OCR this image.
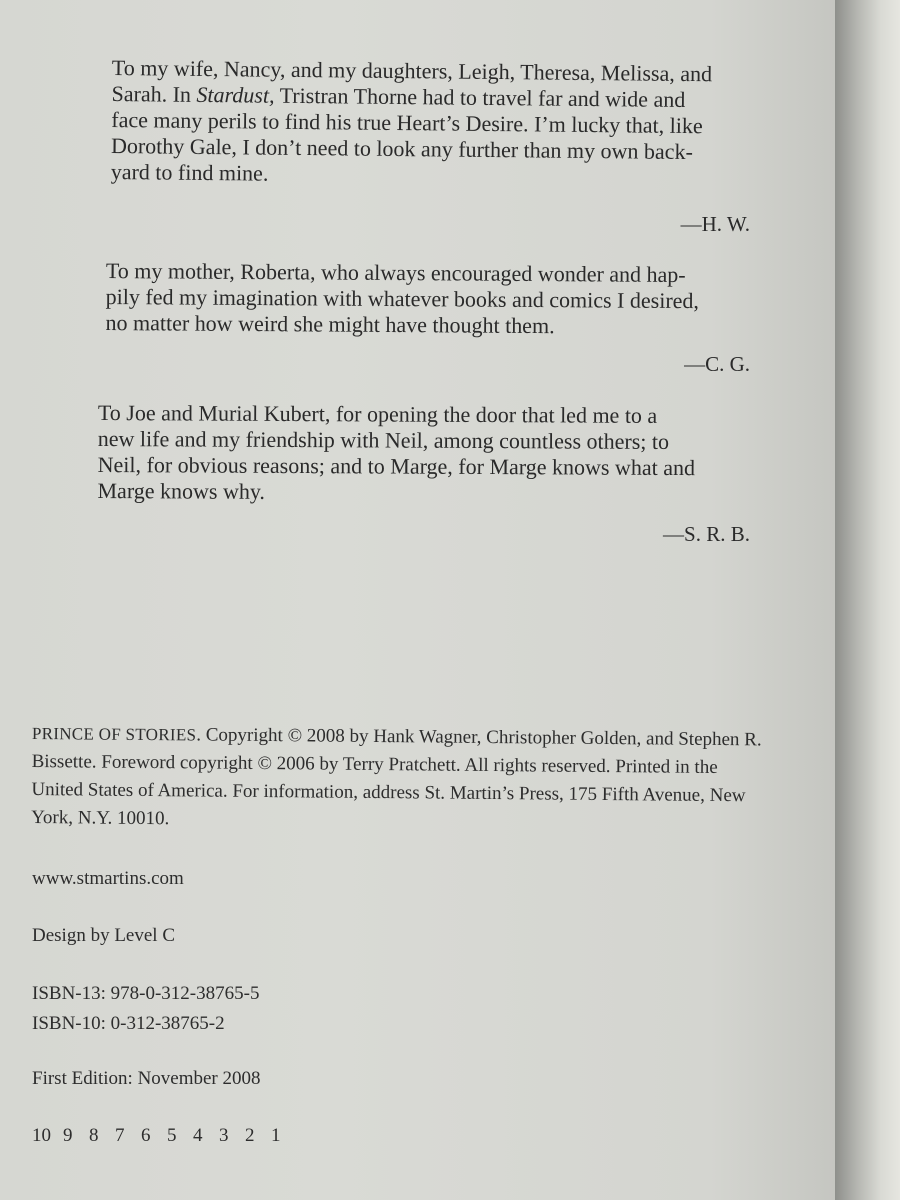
To my wife, Nancy, and my daughters, Leigh, Theresa, Melissa, and

Sarah. In Stardust, Tristran Thorne had to travel far and wide and

face many perils to find his true Heart’s Desire. I’m lucky that, like

Dorothy Gale, I don’t need to look any further than my own back-

yard to find mine.

—H. W.

To my mother, Roberta, who always encouraged wonder and hap-

pily fed my imagination with whatever books and comics I desired,

no matter how weird she might have thought them.

—C. G.

To Joe and Murial Kubert, for opening the door that led me to a

new life and my friendship with Neil, among countless others; to

Neil, for obvious reasons; and to Marge, for Marge knows what and

Marge knows why.

—S. R. B.
PRINCE OF STORIES. Copyright © 2008 by Hank Wagner, Christopher Golden, and Stephen R.
Bissette. Foreword copyright © 2006 by Terry Pratchett. All rights reserved. Printed in the
United States of America. For information, address St. Martin’s Press, 175 Fifth Avenue, New
York, N.Y. 10010.
www.stmartins.com
Design by Level C
ISBN-13: 978-0-312-38765-5
ISBN-10: 0-312-38765-2
First Edition: November 2008
10 9 8 7 6 5 4 3 2 1
